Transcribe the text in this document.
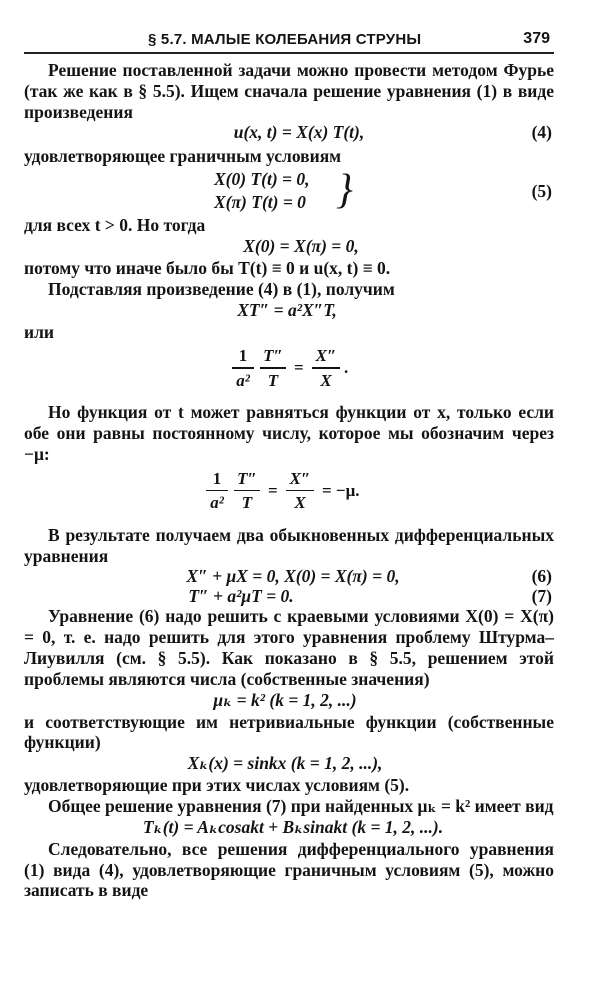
§ 5.7. МАЛЫЕ КОЛЕБАНИЯ СТРУНЫ	379
Решение поставленной задачи можно провести методом Фурье (так же как в § 5.5). Ищем сначала решение уравнения (1) в виде произведения
u(x, t) = X(x) T(t),	(4)
удовлетворяющее граничным условиям
X(0) T(t) = 0,
X(π) T(t) = 0 }	(5)
для всех t > 0. Но тогда
X(0) = X(π) = 0,
потому что иначе было бы T(t) ≡ 0 и u(x, t) ≡ 0.
Подставляя произведение (4) в (1), получим
XT″ = a²X″T,
или
1
a²
T″
T
=
X″
X
.
Но функция от t может равняться функции от x, только если обе они равны постоянному числу, которое мы обозначим через −μ:
1
a²
T″
T
=
X″
X
= −μ.
В результате получаем два обыкновенных дифференциальных уравнения
X″ + μX = 0, X(0) = X(π) = 0,	(6)
T″ + a²μT = 0.	(7)
Уравнение (6) надо решить с краевыми условиями X(0) = X(π) = 0, т. е. надо решить для этого уравнения проблему Штурма–Лиувилля (см. § 5.5). Как показано в § 5.5, решением этой проблемы являются числа (собственные значения)
μₖ = k² (k = 1, 2, ...)
и соответствующие им нетривиальные функции (собственные функции)
Xₖ(x) = sinkx (k = 1, 2, ...),
удовлетворяющие при этих числах условиям (5).
Общее решение уравнения (7) при найденных μₖ = k² имеет вид
Tₖ(t) = Aₖcosakt + Bₖsinakt (k = 1, 2, ...).
Следовательно, все решения дифференциального уравнения (1) вида (4), удовлетворяющие граничным условиям (5), можно записать в виде
